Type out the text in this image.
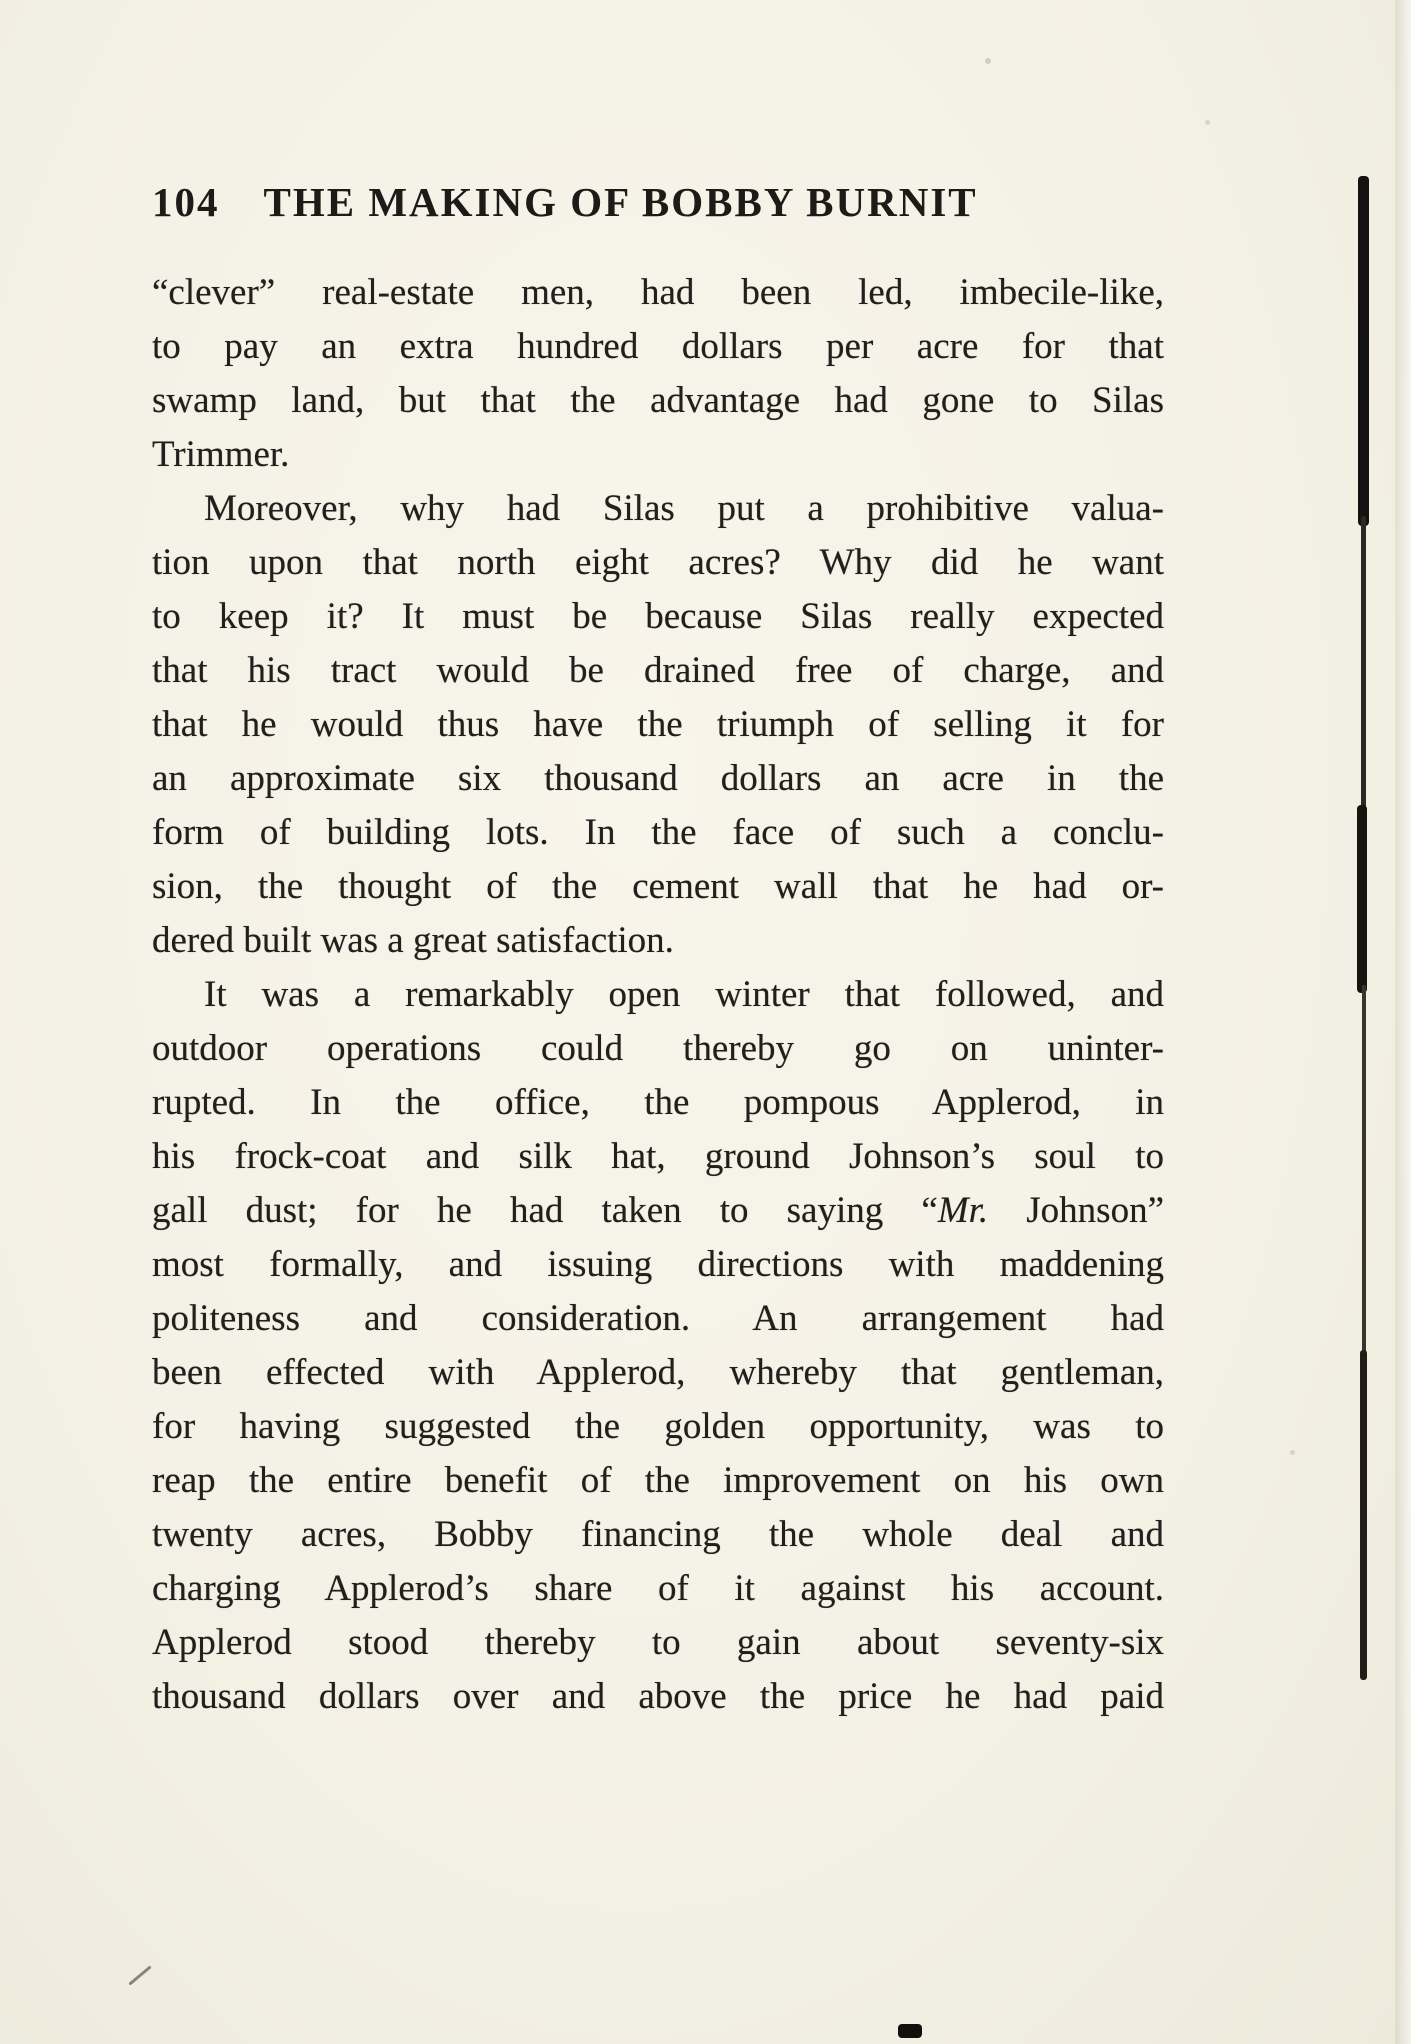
104 THE MAKING OF BOBBY BURNIT
“clever” real-estate men, had been led, imbecile-like,
to pay an extra hundred dollars per acre for that
swamp land, but that the advantage had gone to Silas
Trimmer.
Moreover, why had Silas put a prohibitive valua-
tion upon that north eight acres? Why did he want
to keep it? It must be because Silas really expected
that his tract would be drained free of charge, and
that he would thus have the triumph of selling it for
an approximate six thousand dollars an acre in the
form of building lots. In the face of such a conclu-
sion, the thought of the cement wall that he had or-
dered built was a great satisfaction.
It was a remarkably open winter that followed, and
outdoor operations could thereby go on uninter-
rupted. In the office, the pompous Applerod, in
his frock-coat and silk hat, ground Johnson’s soul to
gall dust; for he had taken to saying “Mr. Johnson”
most formally, and issuing directions with maddening
politeness and consideration. An arrangement had
been effected with Applerod, whereby that gentleman,
for having suggested the golden opportunity, was to
reap the entire benefit of the improvement on his own
twenty acres, Bobby financing the whole deal and
charging Applerod’s share of it against his account.
Applerod stood thereby to gain about seventy-six
thousand dollars over and above the price he had paid
